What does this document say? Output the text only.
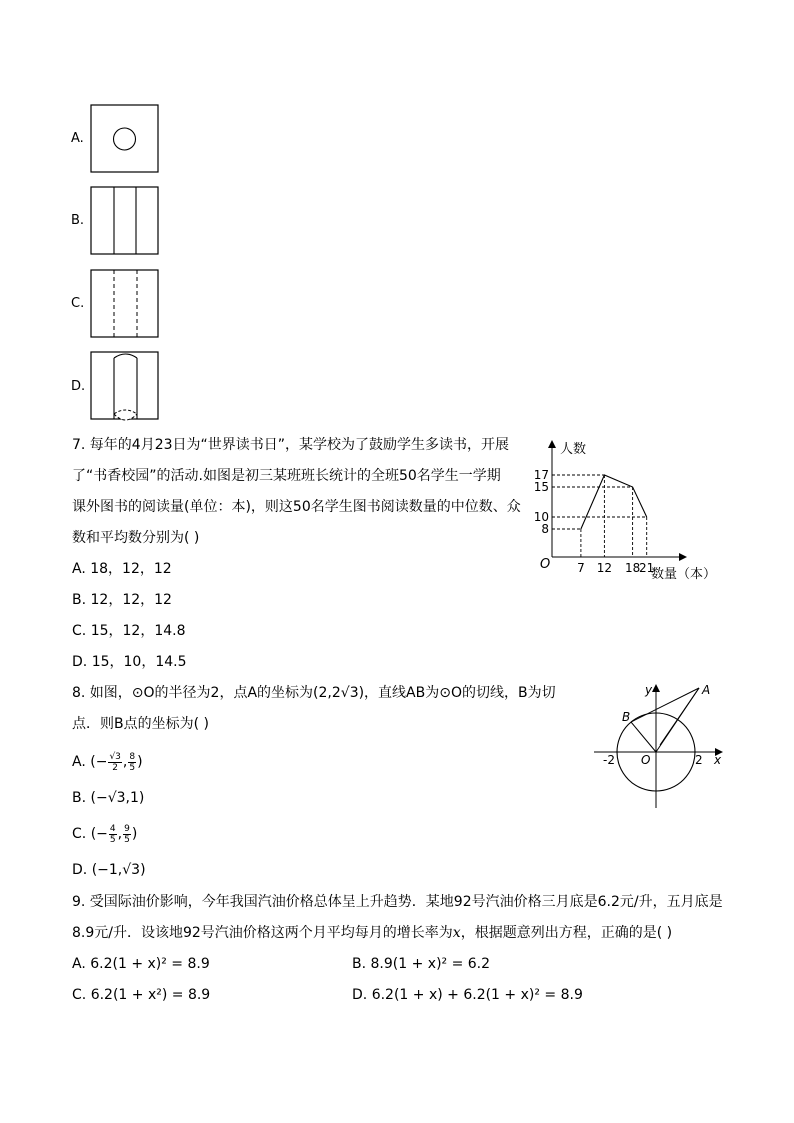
A.
B.
C.
D.
7. 每年的4月23日为“世界读书日”，某学校为了鼓励学生多读书，开展
了“书香校园”的活动.如图是初三某班班长统计的全班50名学生一学期
课外图书的阅读量(单位：本)，则这50名学生图书阅读数量的中位数、众
数和平均数分别为( )
A. 18，12，12
B. 12，12，12
C. 15，12，14.8
D. 15，10，14.5
人数
数量（本）
O 7
8
12
17
18
15
21
10
8. 如图，⊙O的半径为2，点A的坐标为(2,2√3)，直线AB为⊙O的切线，B为切
点．则B点的坐标为( )
A. (− $\frac{√3}{2}$ , $\frac{8}{5}$ )
B. (−√3,1)
C. (− $\frac{4}{5}$ , $\frac{9}{5}$ )
D. (−1,√3)
y
x
A
B
O
-2	2
9. 受国际油价影响，今年我国汽油价格总体呈上升趋势．某地92号汽油价格三月底是6.2元/升，五月底是
8.9元/升．设该地92号汽油价格这两个月平均每月的增长率为x，根据题意列出方程，正确的是( )
A. 6.2(1 + x)² = 8.9	B. 8.9(1 + x)² = 6.2
C. 6.2(1 + x²) = 8.9	D. 6.2(1 + x) + 6.2(1 + x)² = 8.9
